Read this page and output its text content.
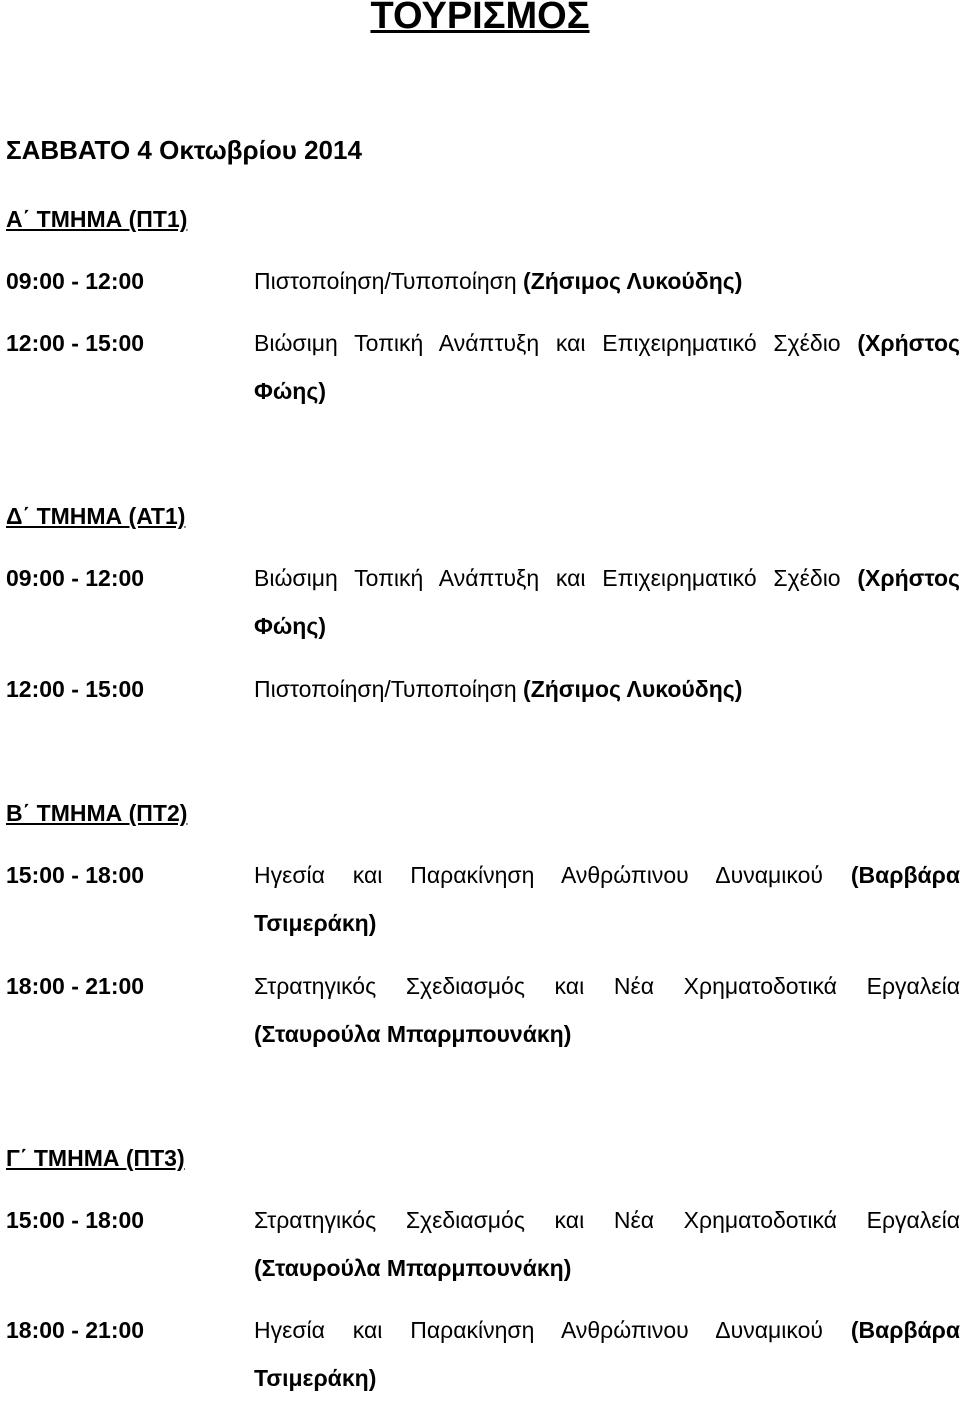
ΤΟΥΡΙΣΜΟΣ
ΣΑΒΒΑΤΟ 4 Οκτωβρίου 2014
Α΄ ΤΜΗΜΑ (ΠΤ1)
09:00 - 12:00	Πιστοποίηση/Τυποποίηση (Ζήσιμος Λυκούδης)
12:00 - 15:00	Βιώσιμη Τοπική Ανάπτυξη και Επιχειρηματικό Σχέδιο (Χρήστος Φώης)
Δ΄ ΤΜΗΜΑ (ΑΤ1)
09:00 - 12:00	Βιώσιμη Τοπική Ανάπτυξη και Επιχειρηματικό Σχέδιο (Χρήστος Φώης)
12:00 - 15:00	Πιστοποίηση/Τυποποίηση (Ζήσιμος Λυκούδης)
Β΄ ΤΜΗΜΑ (ΠΤ2)
15:00 - 18:00	Ηγεσία και Παρακίνηση Ανθρώπινου Δυναμικού (Βαρβάρα Τσιμεράκη)
18:00 - 21:00	Στρατηγικός Σχεδιασμός και Νέα Χρηματοδοτικά Εργαλεία (Σταυρούλα Μπαρμπουνάκη)
Γ΄ ΤΜΗΜΑ (ΠΤ3)
15:00 - 18:00	Στρατηγικός Σχεδιασμός και Νέα Χρηματοδοτικά Εργαλεία (Σταυρούλα Μπαρμπουνάκη)
18:00 - 21:00	Ηγεσία και Παρακίνηση Ανθρώπινου Δυναμικού (Βαρβάρα Τσιμεράκη)
